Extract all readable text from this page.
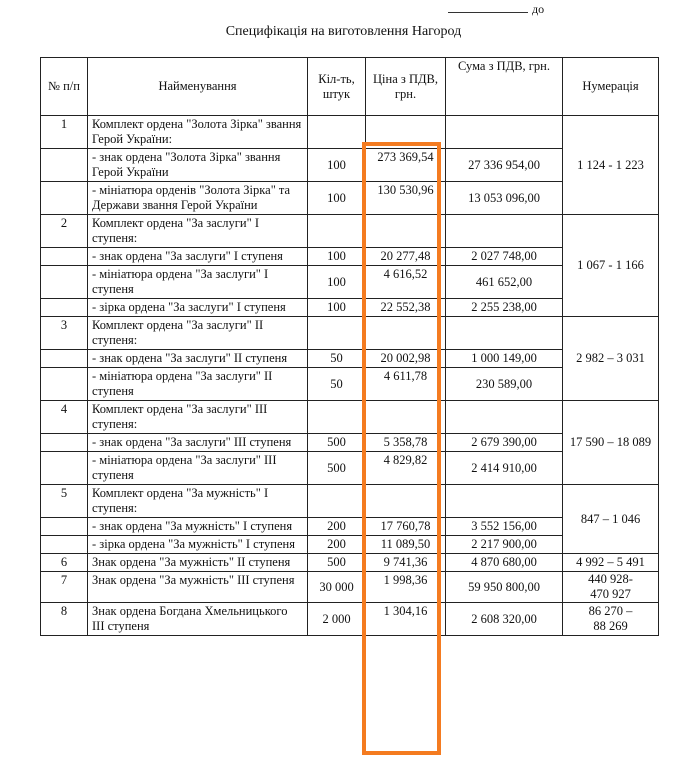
до
Специфікація на виготовлення Нагород
№ п/п	Найменування	Кіл-ть, штук	Ціна з ПДВ, грн.	Сума з ПДВ, грн.	Нумерація
1	Комплект ордена "Золота Зірка" звання Герой України:				1 124 - 1 223
	- знак ордена "Золота Зірка" звання Герой України	100	273 369,54	27 336 954,00	
	- мініатюра орденів "Золота Зірка" та Держави звання Герой України	100	130 530,96	13 053 096,00	
2	Комплект ордена "За заслуги" І ступеня:				1 067 - 1 166
	- знак ордена "За заслуги" І ступеня	100	20 277,48	2 027 748,00	
	- мініатюра ордена "За заслуги" І ступеня	100	4 616,52	461 652,00	
	- зірка ордена "За заслуги" І ступеня	100	22 552,38	2 255 238,00	
3	Комплект ордена "За заслуги" ІІ ступеня:				2 982 – 3 031
	- знак ордена "За заслуги" ІІ ступеня	50	20 002,98	1 000 149,00	
	- мініатюра ордена "За заслуги" ІІ ступеня	50	4 611,78	230 589,00	
4	Комплект ордена "За заслуги" ІІІ ступеня:				17 590 – 18 089
	- знак ордена "За заслуги" ІІІ ступеня	500	5 358,78	2 679 390,00	
	- мініатюра ордена "За заслуги" ІІІ ступеня	500	4 829,82	2 414 910,00	
5	Комплект ордена "За мужність" І ступеня:				847 – 1 046
	- знак ордена "За мужність" І ступеня	200	17 760,78	3 552 156,00	
	- зірка ордена "За мужність" І ступеня	200	11 089,50	2 217 900,00	
6	Знак ордена "За мужність" ІІ ступеня	500	9 741,36	4 870 680,00	4 992 – 5 491
7	Знак ордена "За мужність" ІІІ ступеня	30 000	1 998,36	59 950 800,00	440 928-470 927
8	Знак ордена Богдана Хмельницького ІІІ ступеня	2 000	1 304,16	2 608 320,00	86 270 – 88 269
